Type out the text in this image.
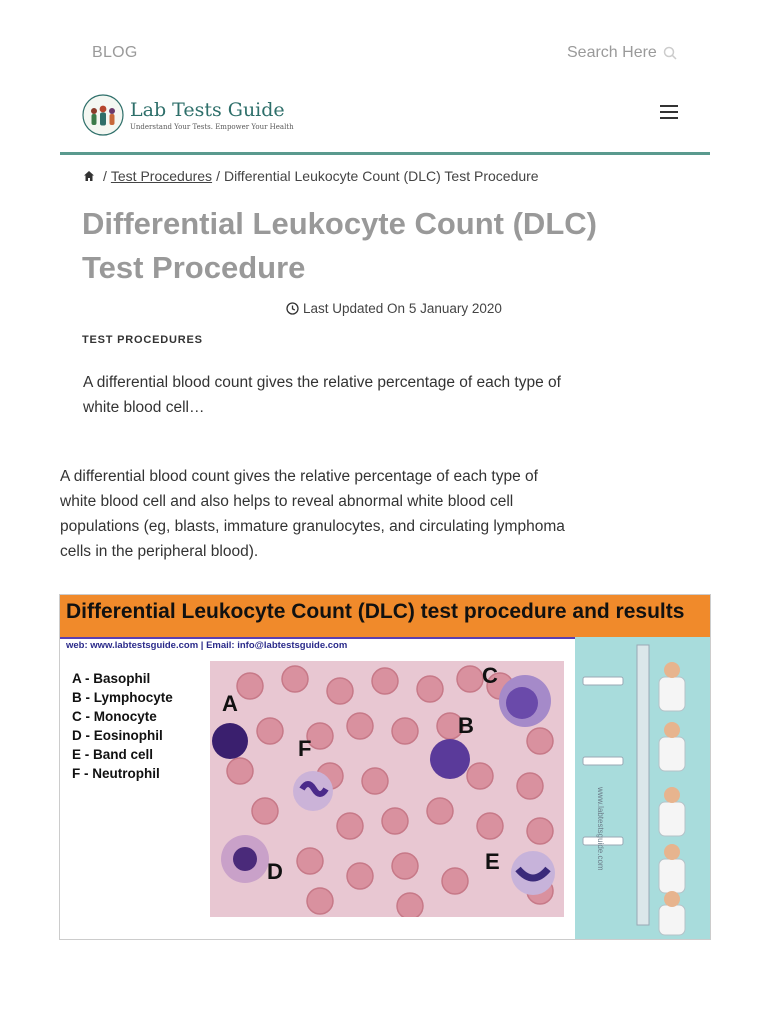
BLOG	Search Here
Lab Tests Guide
Understand Your Tests. Empower Your Health
/ Test Procedures / Differential Leukocyte Count (DLC) Test Procedure
Differential Leukocyte Count (DLC) Test Procedure
Last Updated On 5 January 2020
TEST PROCEDURES

A differential blood count gives the relative percentage of each type of white blood cell…

A differential blood count gives the relative percentage of each type of white blood cell and also helps to reveal abnormal white blood cell populations (eg, blasts, immature granulocytes, and circulating lymphoma cells in the peripheral blood).

Differential Leukocyte Count (DLC) test procedure and results
web: www.labtestsguide.com | Email: info@labtestsguide.com
A - Basophil
B - Lymphocyte
C - Monocyte
D - Eosinophil
E - Band cell
F - Neutrophil
A
B
C
D	E
F
www.labtestsguide.com
